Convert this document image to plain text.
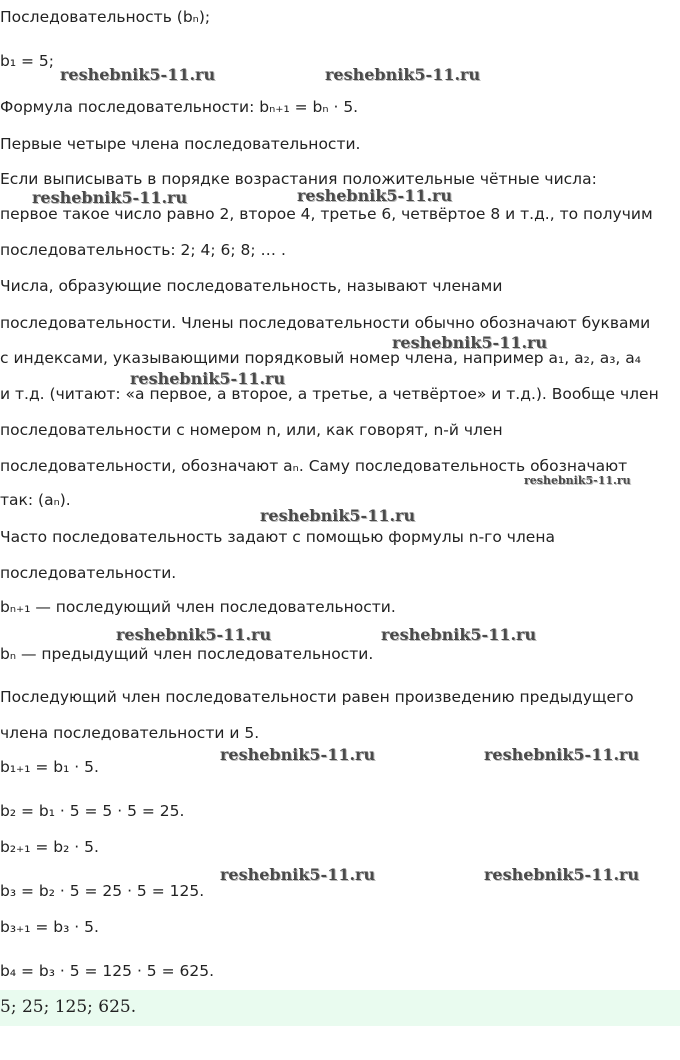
Последовательность (bₙ);
b₁ = 5;
Формула последовательности: bₙ₊₁ = bₙ · 5.
Первые четыре члена последовательности.
Если выписывать в порядке возрастания положительные чётные числа:
первое такое число равно 2, второе 4, третье 6, четвёртое 8 и т.д., то получим
последовательность: 2; 4; 6; 8; … .
Числа, образующие последовательность, называют членами
последовательности. Члены последовательности обычно обозначают буквами
с индексами, указывающими порядковый номер члена, например a₁, a₂, a₃, a₄
и т.д. (читают: «a первое, a второе, a третье, a четвёртое» и т.д.). Вообще член
последовательности с номером n, или, как говорят, n-й член
последовательности, обозначают aₙ. Саму последовательность обозначают
так: (aₙ).
Часто последовательность задают с помощью формулы n-го члена
последовательности.
bₙ₊₁ — последующий член последовательности.
bₙ — предыдущий член последовательности.
Последующий член последовательности равен произведению предыдущего
члена последовательности и 5.
b₁₊₁ = b₁ · 5.
b₂ = b₁ · 5 = 5 · 5 = 25.
b₂₊₁ = b₂ · 5.
b₃ = b₂ · 5 = 25 · 5 = 125.
b₃₊₁ = b₃ · 5.
b₄ = b₃ · 5 = 125 · 5 = 625.
5; 25; 125; 625.
reshebnik5-11.ru	reshebnik5-11.ru
reshebnik5-11.ru	reshebnik5-11.ru
reshebnik5-11.ru
reshebnik5-11.ru
reshebnik5-11.ru
reshebnik5-11.ru
reshebnik5-11.ru	reshebnik5-11.ru
reshebnik5-11.ru	reshebnik5-11.ru
reshebnik5-11.ru	reshebnik5-11.ru
